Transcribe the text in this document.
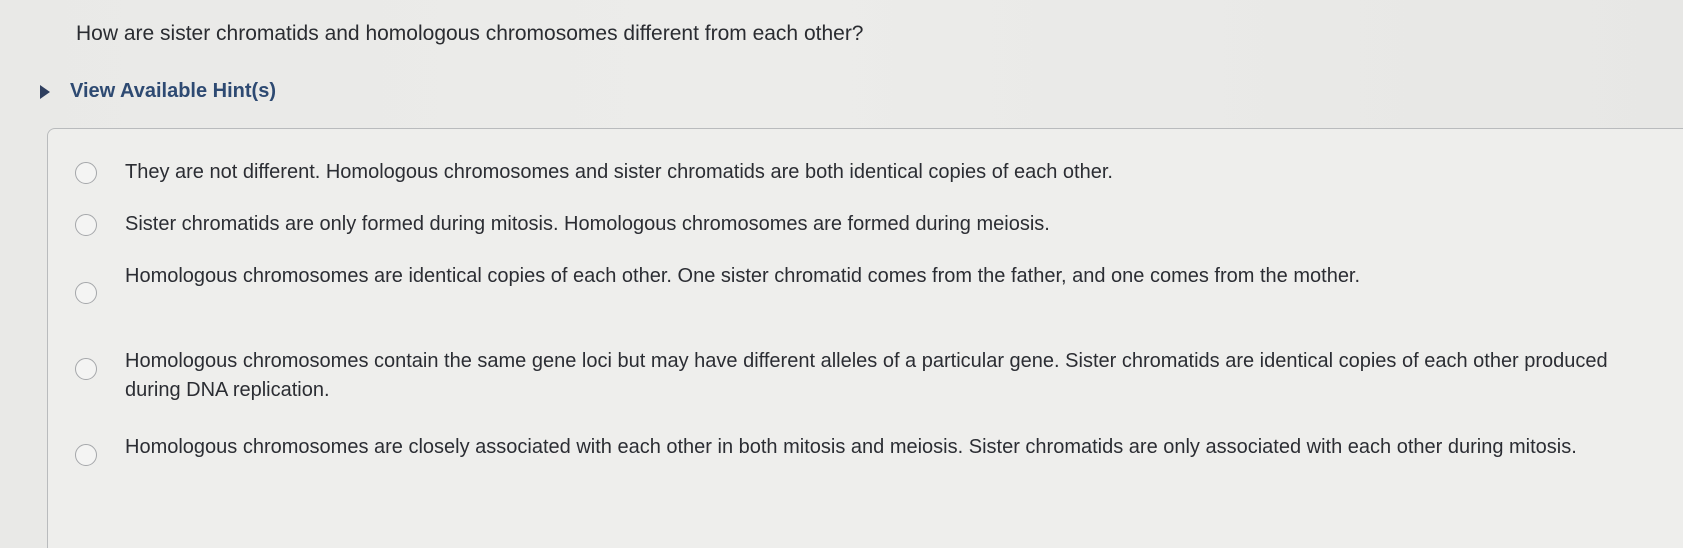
How are sister chromatids and homologous chromosomes different from each other?
View Available Hint(s)
They are not different. Homologous chromosomes and sister chromatids are both identical copies of each other.
Sister chromatids are only formed during mitosis. Homologous chromosomes are formed during meiosis.
Homologous chromosomes are identical copies of each other. One sister chromatid comes from the father, and one comes from the mother.
Homologous chromosomes contain the same gene loci but may have different alleles of a particular gene. Sister chromatids are identical copies of each other produced during DNA replication.
Homologous chromosomes are closely associated with each other in both mitosis and meiosis. Sister chromatids are only associated with each other during mitosis.
